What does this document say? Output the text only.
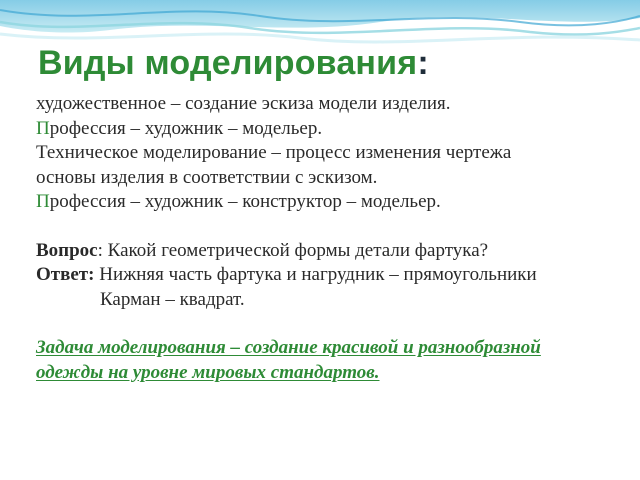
Виды моделирования:

художественное – создание эскиза модели изделия.

Профессия – художник – модельер.

Техническое моделирование – процесс изменения чертежа

основы изделия в соответствии с эскизом.

Профессия – художник – конструктор – модельер.

Вопрос: Какой геометрической формы детали фартука?

Ответ: Нижняя часть фартука и нагрудник – прямоугольники

Карман – квадрат.

Задача моделирования – создание красивой и разнообразной

одежды на уровне мировых стандартов.
